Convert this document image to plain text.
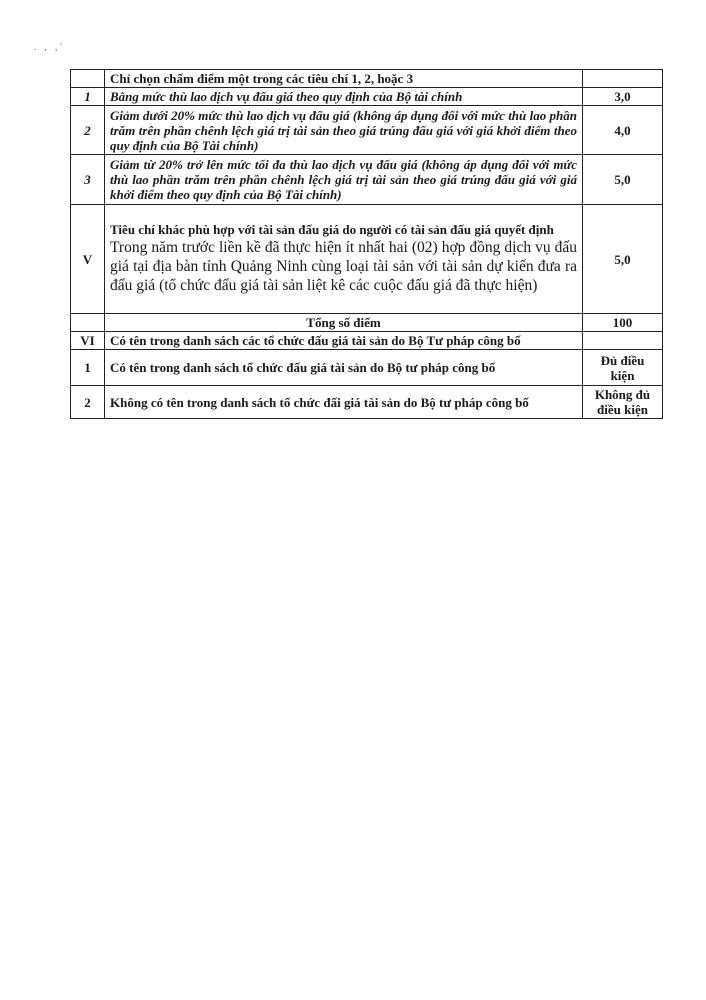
'
. , ,'
	Chỉ chọn chấm điểm một trong các tiêu chí 1, 2, hoặc 3	
1	Bằng mức thù lao dịch vụ đấu giá theo quy định của Bộ tài chính	3,0
2	Giảm dưới 20% mức thù lao dịch vụ đấu giá (không áp dụng đối với mức thù lao phần trăm trên phần chênh lệch giá trị tài sản theo giá trúng đấu giá với giá khởi điểm theo quy định của Bộ Tài chính)	4,0
3	Giảm từ 20% trở lên mức tối đa thù lao dịch vụ đấu giá (không áp dụng đối với mức thù lao phần trăm trên phần chênh lệch giá trị tài sản theo giá trúng đấu giá với giá khởi điểm theo quy định của Bộ Tài chính)	5,0
V	Tiêu chí khác phù hợp với tài sản đấu giá do người có tài sản đấu giá quyết định
Trong năm trước liền kề đã thực hiện ít nhất hai (02) hợp đồng dịch vụ đấu giá tại địa bàn tỉnh Quảng Ninh cùng loại tài sản với tài sản dự kiến đưa ra đấu giá (tổ chức đấu giá tài sản liệt kê các cuộc đấu giá đã thực hiện)	5,0
	Tổng số điểm	100
VI	Có tên trong danh sách các tổ chức đấu giá tài sản do Bộ Tư pháp công bố	
1	Có tên trong danh sách tổ chức đấu giá tài sản do Bộ tư pháp công bố	Đủ điều kiện
2	Không có tên trong danh sách tổ chức đấi giá tài sản do Bộ tư pháp công bố	Không đủ điều kiện
